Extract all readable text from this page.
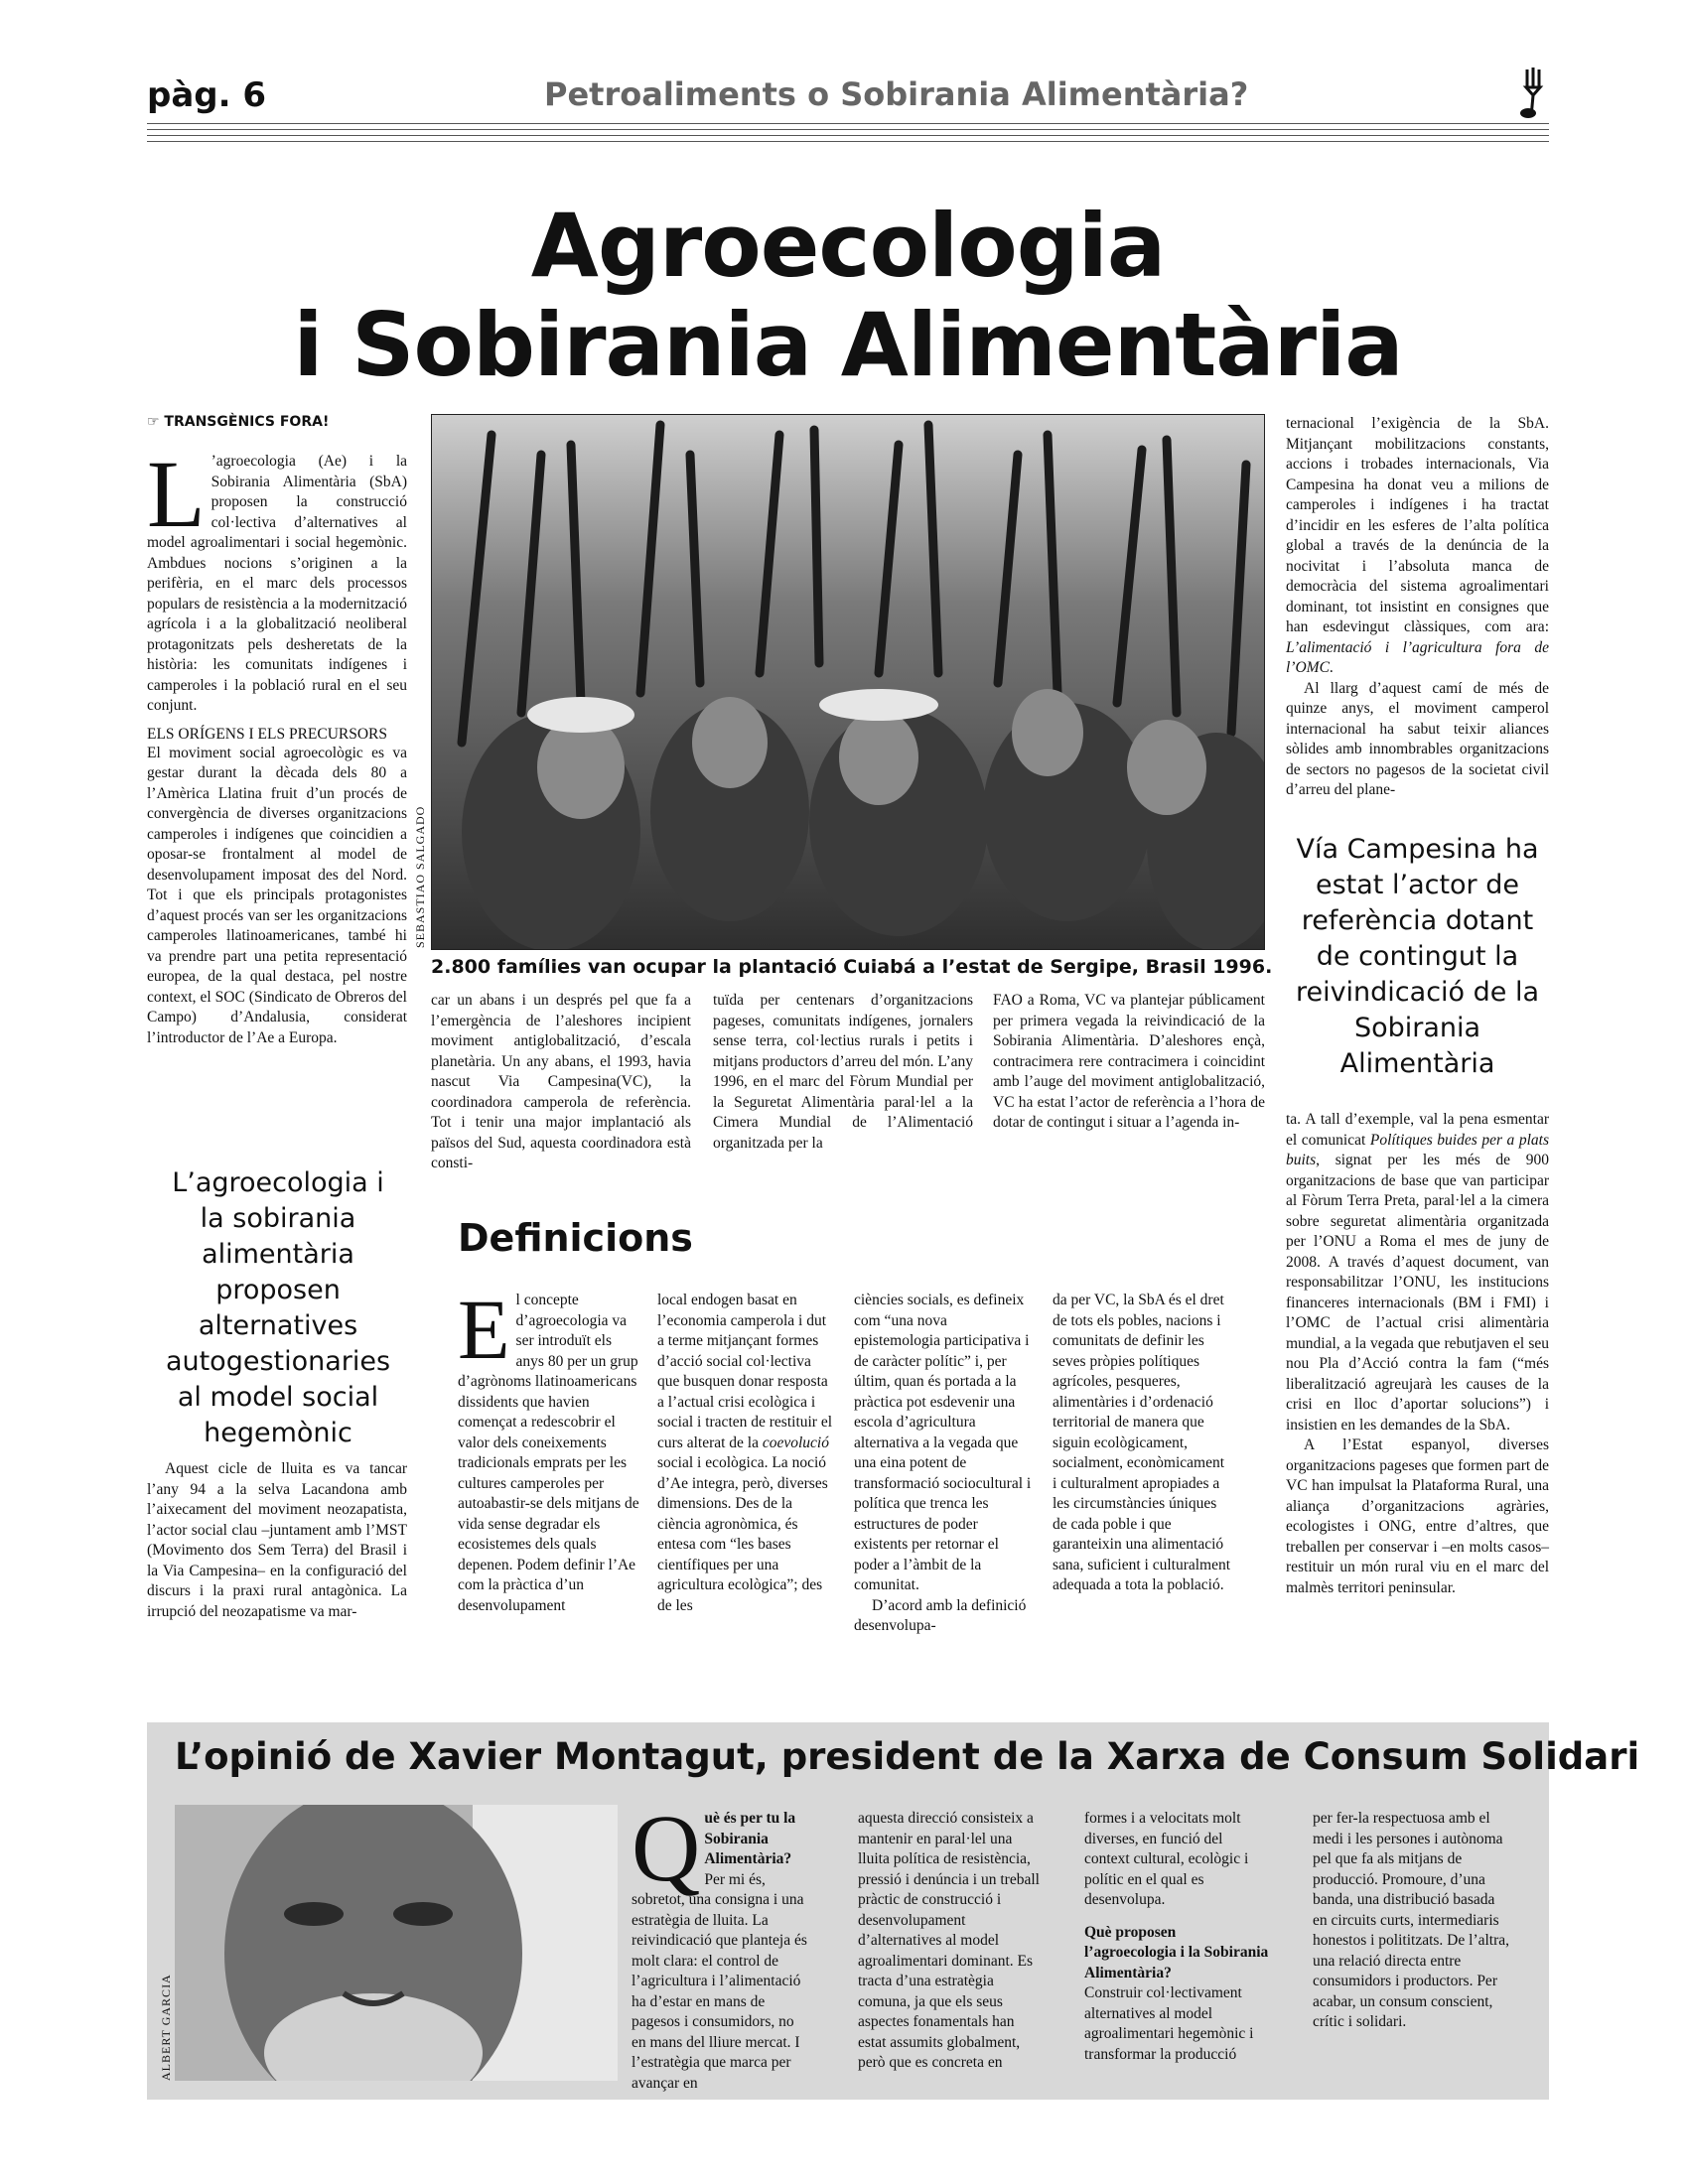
pàg. 6	Petroaliments o Sobirania Alimentària?
Agroecologia
i Sobirania Alimentària
☞ TRANSGÈNICS FORA!

L ’agroecologia (Ae) i la Sobirania Alimentària (SbA) proposen la construcció col·lectiva d’alternatives al model agroalimentari i social hegemònic. Ambdues nocions s’originen a la perifèria, en el marc dels processos populars de resistència a la modernització agrícola i a la globalització neoliberal protagonitzats pels desheretats de la història: les comunitats indígenes i camperoles i la població rural en el seu conjunt.

ELS ORÍGENS I ELS PRECURSORS

El moviment social agroecològic es va gestar durant la dècada dels 80 a l’Amèrica Llatina fruit d’un procés de convergència de diverses organitzacions camperoles i indígenes que coincidien a oposar-se frontalment al model de desenvolupament imposat des del Nord. Tot i que els principals protagonistes d’aquest procés van ser les organitzacions camperoles llatinoamericanes, també hi va prendre part una petita representació europea, de la qual destaca, pel nostre context, el SOC (Sindicato de Obreros del Campo) d’Andalusia, considerat l’introductor de l’Ae a Europa.

L’agroecologia i la sobirania alimentària proposen alternatives autogestionaries al model social hegemònic

Aquest cicle de lluita es va tancar l’any 94 a la selva Lacandona amb l’aixecament del moviment neozapatista, l’actor social clau –juntament amb l’MST (Movimento dos Sem Terra) del Brasil i la Via Campesina– en la configuració del discurs i la praxi rural antagònica. La irrupció del neozapatisme va mar-

SEBASTIAO SALGADO
2.800 famílies van ocupar la plantació Cuiabá a l’estat de Sergipe, Brasil 1996.
car un abans i un després pel que fa a l’emergència de l’aleshores incipient moviment antiglobalització, d’escala planetària. Un any abans, el 1993, havia nascut Via Campesina(VC), la coordinadora camperola de referència. Tot i tenir una major implantació als països del Sud, aquesta coordinadora està consti-
tuïda per centenars d’organitzacions pageses, comunitats indígenes, jornalers sense terra, col·lectius rurals i petits i mitjans productors d’arreu del món. L’any 1996, en el marc del Fòrum Mundial per la Seguretat Alimentària paral·lel a la Cimera Mundial de l’Alimentació organitzada per la
FAO a Roma, VC va plantejar públicament per primera vegada la reivindicació de la Sobirania Alimentària. D’aleshores ençà, contracimera rere contracimera i coincidint amb l’auge del moviment antiglobalització, VC ha estat l’actor de referència a l’hora de dotar de contingut i situar a l’agenda in-

ternacional l’exigència de la SbA. Mitjançant mobilitzacions constants, accions i trobades internacionals, Via Campesina ha donat veu a milions de camperoles i indígenes i ha tractat d’incidir en les esferes de l’alta política global a través de la denúncia de la nocivitat i l’absoluta manca de democràcia del sistema agroalimentari dominant, tot insistint en consignes que han esdevingut clàssiques, com ara: L’alimentació i l’agricultura fora de l’OMC.

Al llarg d’aquest camí de més de quinze anys, el moviment camperol internacional ha sabut teixir aliances sòlides amb innombrables organitzacions de sectors no pagesos de la societat civil d’arreu del plane-

Vía Campesina ha estat l’actor de referència dotant de contingut la reivindicació de la Sobirania Alimentària

ta. A tall d’exemple, val la pena esmentar el comunicat Polítiques buides per a plats buits, signat per les més de 900 organitzacions de base que van participar al Fòrum Terra Preta, paral·lel a la cimera sobre seguretat alimentària organitzada per l’ONU a Roma el mes de juny de 2008. A través d’aquest document, van responsabilitzar l’ONU, les institucions financeres internacionals (BM i FMI) i l’OMC de l’actual crisi alimentària mundial, a la vegada que rebutjaven el seu nou Pla d’Acció contra la fam (“més liberalització agreujarà les causes de la crisi en lloc d’aportar solucions”) i insistien en les demandes de la SbA.

A l’Estat espanyol, diverses organitzacions pageses que formen part de VC han impulsat la Plataforma Rural, una aliança d’organitzacions agràries, ecologistes i ONG, entre d’altres, que treballen per conservar i –en molts casos– restituir un món rural viu en el marc del malmès territori peninsular.

Definicions

El concepte d’agroecologia va ser introduït els anys 80 per un grup d’agrònoms llatinoamericans dissidents que havien començat a redescobrir el valor dels coneixements tradicionals emprats per les cultures camperoles per autoabastir-se dels mitjans de vida sense degradar els ecosistemes dels quals depenen. Podem definir l’Ae com la pràctica d’un desenvolupament

local endogen basat en l’economia camperola i dut a terme mitjançant formes d’acció social col·lectiva que busquen donar resposta a l’actual crisi ecològica i social i tracten de restituir el curs alterat de la coevolució social i ecològica. La noció d’Ae integra, però, diverses dimensions. Des de la ciència agronòmica, és entesa com “les bases científiques per una agricultura ecològica”; des de les

ciències socials, es defineix com “una nova epistemologia participativa i de caràcter polític” i, per últim, quan és portada a la pràctica pot esdevenir una escola d’agricultura alternativa a la vegada que una eina potent de transformació sociocultural i política que trenca les estructures de poder existents per retornar el poder a l’àmbit de la comunitat.

D’acord amb la definició desenvolupa-

da per VC, la SbA és el dret de tots els pobles, nacions i comunitats de definir les seves pròpies polítiques agrícoles, pesqueres, alimentàries i d’ordenació territorial de manera que siguin ecològicament, socialment, econòmicament i culturalment apropiades a les circumstàncies úniques de cada poble i que garanteixin una alimentació sana, suficient i culturalment adequada a tota la població.
L’opinió de Xavier Montagut, president de la Xarxa de Consum Solidari
ALBERT GARCIA

Què és per tu la Sobirania Alimentària? Per mi és, sobretot, una consigna i una estratègia de lluita. La reivindicació que planteja és molt clara: el control de l’agricultura i l’alimentació ha d’estar en mans de pagesos i consumidors, no en mans del lliure mercat. I l’estratègia que marca per avançar en

aquesta direcció consisteix a mantenir en paral·lel una lluita política de resistència, pressió i denúncia i un treball pràctic de construcció i desenvolupament d’alternatives al model agroalimentari dominant. Es tracta d’una estratègia comuna, ja que els seus aspectes fonamentals han estat assumits globalment, però que es concreta en

formes i a velocitats molt diverses, en funció del context cultural, ecològic i polític en el qual es desenvolupa.

Què proposen l’agroecologia i la Sobirania Alimentària?

Construir col·lectivament alternatives al model agroalimentari hegemònic i transformar la producció

per fer-la respectuosa amb el medi i les persones i autònoma pel que fa als mitjans de producció. Promoure, d’una banda, una distribució basada en circuits curts, intermediaris honestos i polititzats. De l’altra, una relació directa entre consumidors i productors. Per acabar, un consum conscient, crític i solidari.
